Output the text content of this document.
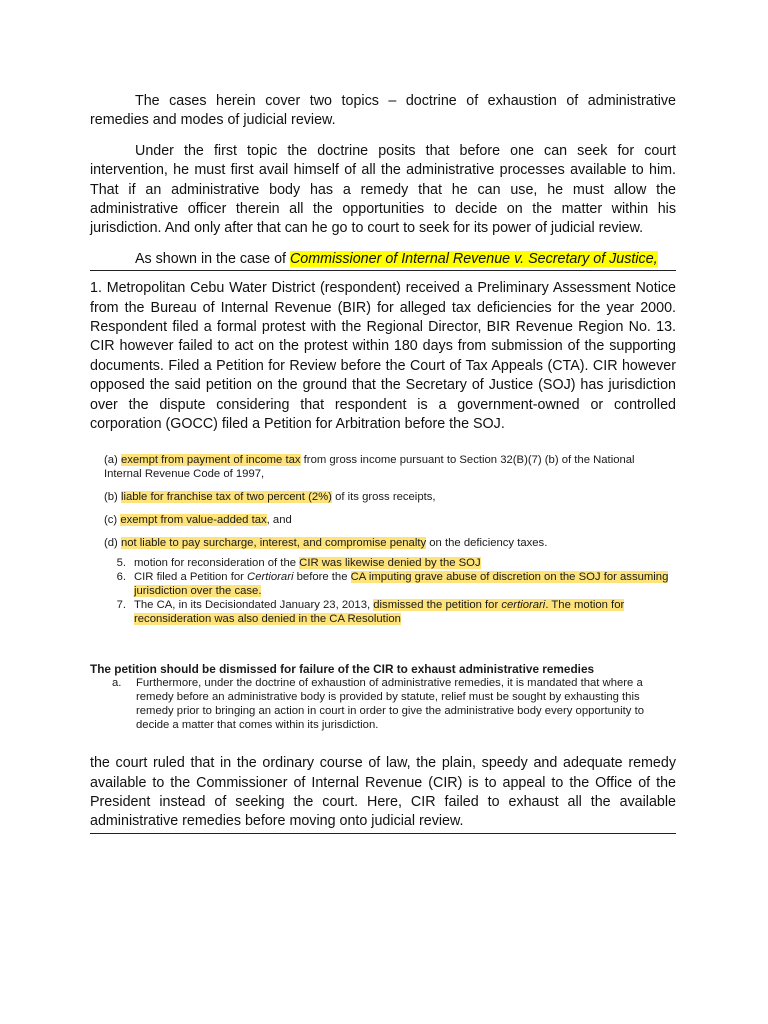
The cases herein cover two topics – doctrine of exhaustion of administrative remedies and modes of judicial review.

Under the first topic the doctrine posits that before one can seek for court intervention, he must first avail himself of all the administrative processes available to him. That if an administrative body has a remedy that he can use, he must allow the administrative officer therein all the opportunities to decide on the matter within his jurisdiction. And only after that can he go to court to seek for its power of judicial review.

As shown in the case of Commissioner of Internal Revenue v. Secretary of Justice,

1. Metropolitan Cebu Water District (respondent) received a Preliminary Assessment Notice from the Bureau of Internal Revenue (BIR) for alleged tax deficiencies for the year 2000. Respondent filed a formal protest with the Regional Director, BIR Revenue Region No. 13. CIR however failed to act on the protest within 180 days from submission of the supporting documents. Filed a Petition for Review before the Court of Tax Appeals (CTA). CIR however opposed the said petition on the ground that the Secretary of Justice (SOJ) has jurisdiction over the dispute considering that respondent is a government-owned or controlled corporation (GOCC) filed a Petition for Arbitration before the SOJ.

(a) exempt from payment of income tax from gross income pursuant to Section 32(B)(7) (b) of the National Internal Revenue Code of 1997,

(b) liable for franchise tax of two percent (2%) of its gross receipts,

(c) exempt from value-added tax, and

(d) not liable to pay surcharge, interest, and compromise penalty on the deficiency taxes.

5. motion for reconsideration of the CIR was likewise denied by the SOJ
6. CIR filed a Petition for Certiorari before the CA imputing grave abuse of discretion on the SOJ for assuming jurisdiction over the case.
7. The CA, in its Decisiondated January 23, 2013, dismissed the petition for certiorari. The motion for reconsideration was also denied in the CA Resolution

The petition should be dismissed for failure of the CIR to exhaust administrative remedies

a.	Furthermore, under the doctrine of exhaustion of administrative remedies, it is mandated that where a remedy before an administrative body is provided by statute, relief must be sought by exhausting this remedy prior to bringing an action in court in order to give the administrative body every opportunity to decide a matter that comes within its jurisdiction.

the court ruled that in the ordinary course of law, the plain, speedy and adequate remedy available to the Commissioner of Internal Revenue (CIR) is to appeal to the Office of the President instead of seeking the court. Here, CIR failed to exhaust all the available administrative remedies before moving onto judicial review.
